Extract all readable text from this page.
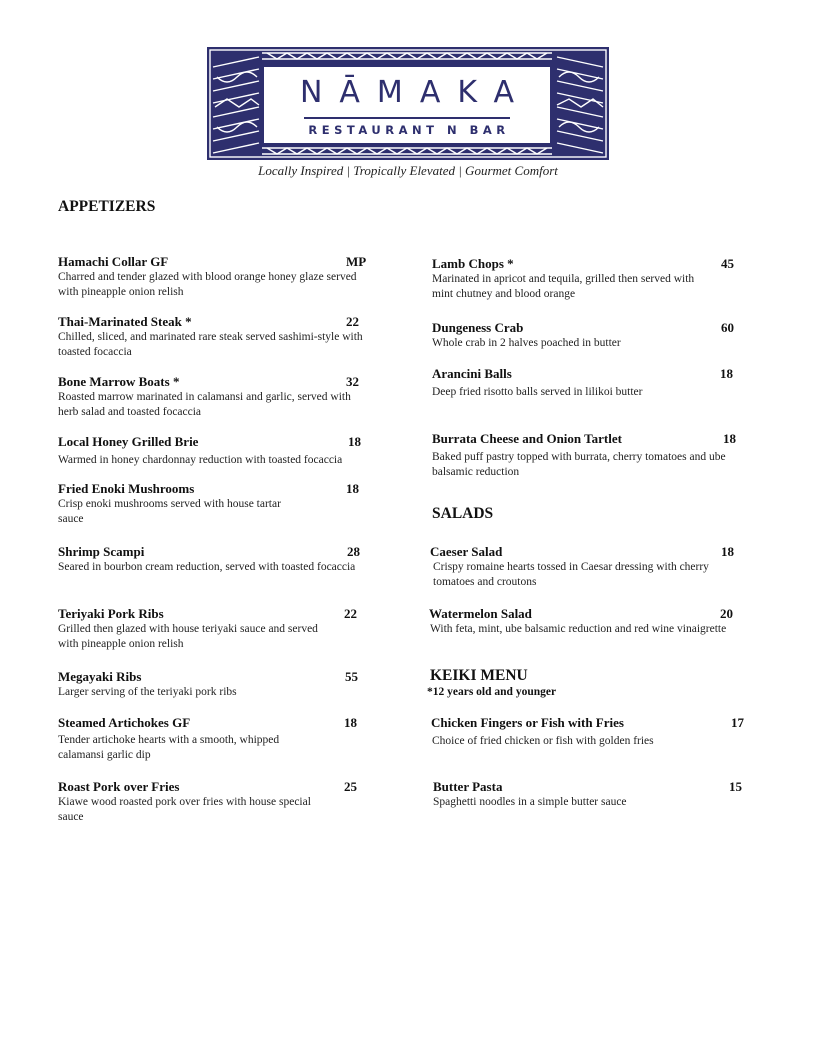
NĀMAKA
RESTAURANT N BAR
Locally Inspired | Tropically Elevated | Gourmet Comfort
APPETIZERS
SALADS
KEIKI MENU
*12 years old and younger
Hamachi Collar GF	MP
Charred and tender glazed with blood orange honey glaze served with pineapple onion relish
Thai-Marinated Steak *	22
Chilled, sliced, and marinated rare steak served sashimi-style with toasted focaccia
Bone Marrow Boats *	32
Roasted marrow marinated in calamansi and garlic, served with herb salad and toasted focaccia
Local Honey Grilled Brie	18
Warmed in honey chardonnay reduction with toasted focaccia
Fried Enoki Mushrooms	18
Crisp enoki mushrooms served with house tartar sauce
Shrimp Scampi	28
Seared in bourbon cream reduction, served with toasted focaccia
Teriyaki Pork Ribs	22
Grilled then glazed with house teriyaki sauce and served with pineapple onion relish
Megayaki Ribs	55
Larger serving of the teriyaki pork ribs
Steamed Artichokes GF	18
Tender artichoke hearts with a smooth, whipped calamansi garlic dip
Roast Pork over Fries	25
Kiawe wood roasted pork over fries with house special sauce
Lamb Chops *	45
Marinated in apricot and tequila, grilled then served with mint chutney and blood orange
Dungeness Crab	60
Whole crab in 2 halves poached in butter
Arancini Balls	18
Deep fried risotto balls served in lilikoi butter
Burrata Cheese and Onion Tartlet	18
Baked puff pastry topped with burrata, cherry tomatoes and ube balsamic reduction
Caeser Salad	18
Crispy romaine hearts tossed in Caesar dressing with cherry tomatoes and croutons
Watermelon Salad	20
With feta, mint, ube balsamic reduction and red wine vinaigrette
Chicken Fingers or Fish with Fries	17
Choice of fried chicken or fish with golden fries
Butter Pasta	15
Spaghetti noodles in a simple butter sauce
